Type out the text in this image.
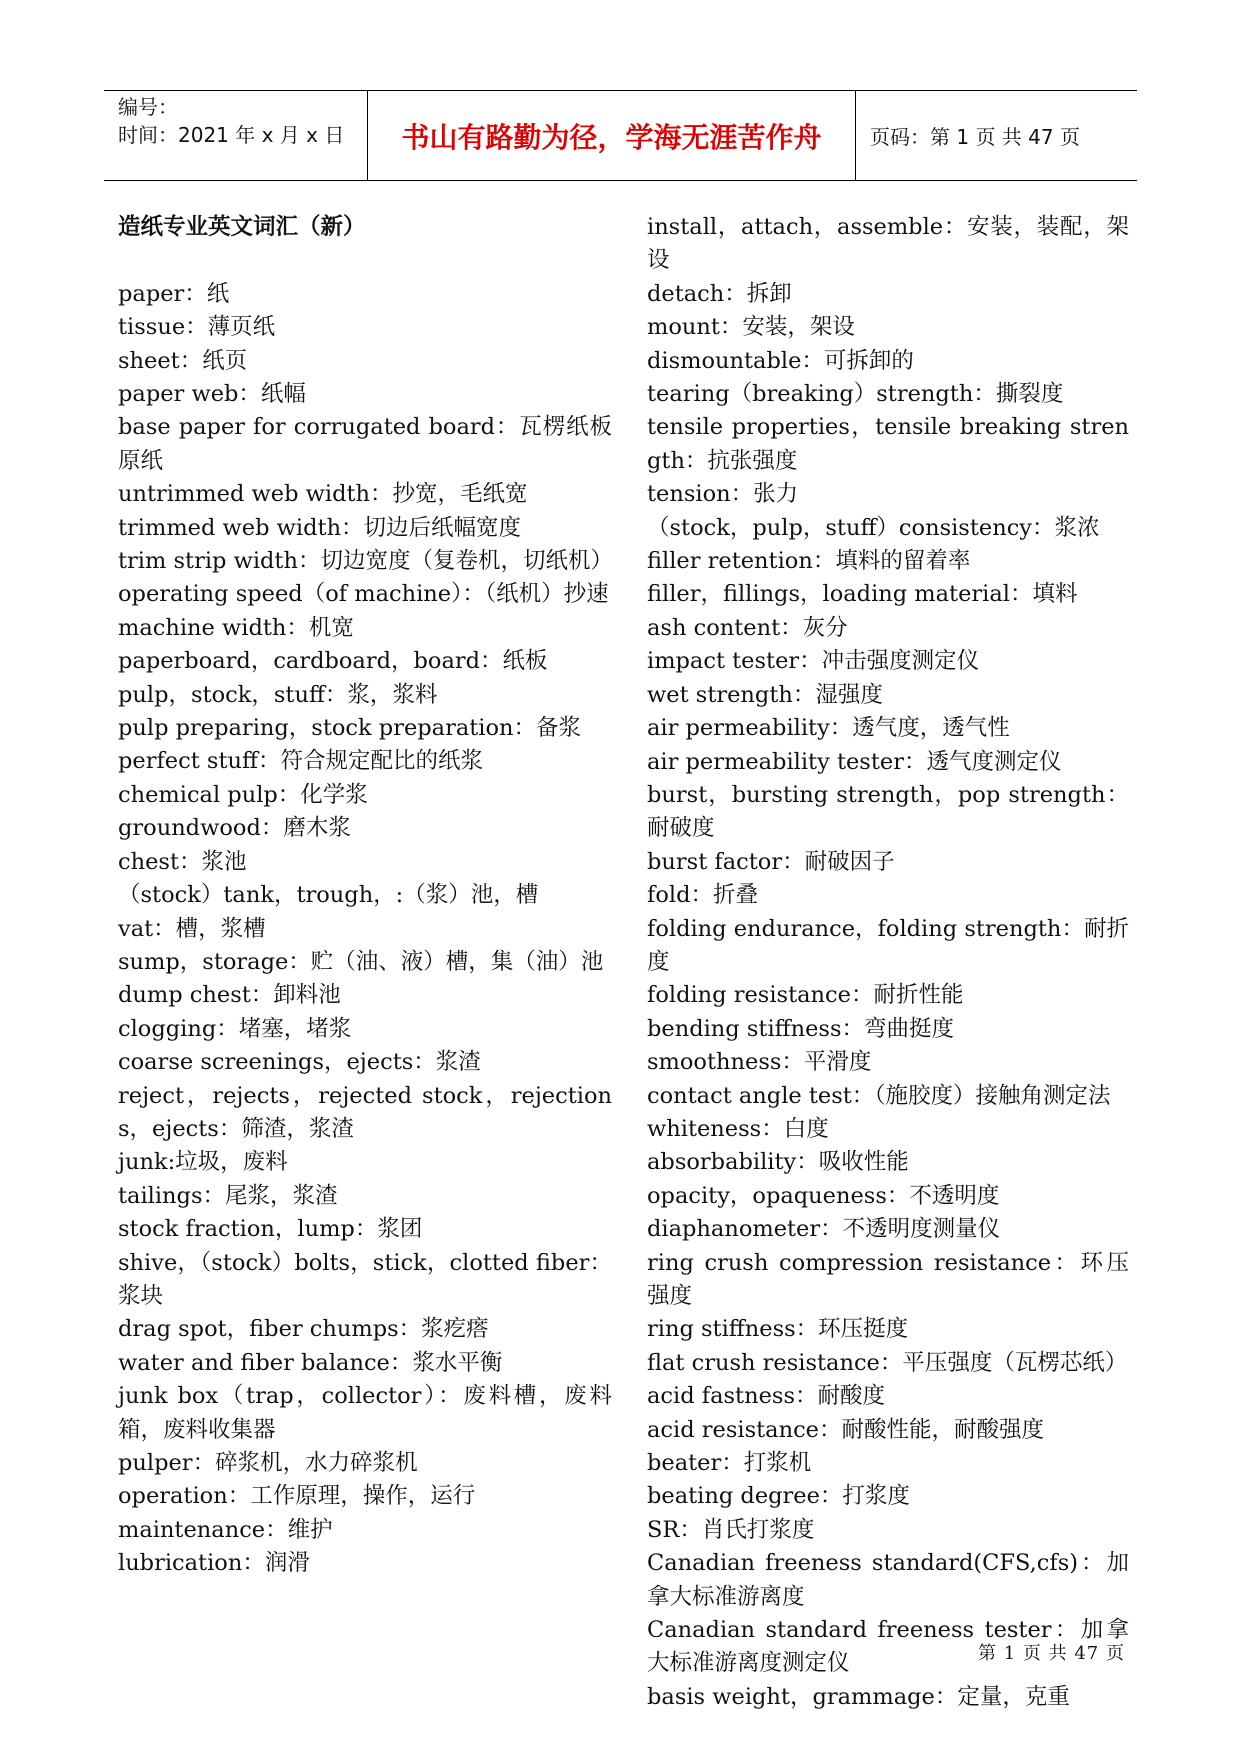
编号：
时间：2021 年 x 月 x 日	书山有路勤为径，学海无涯苦作舟 页码：第 1 页 共 47 页
造纸专业英文词汇（新）
paper：纸
tissue：薄页纸
sheet：纸页
paper web：纸幅
base paper for corrugated board：瓦楞纸板原纸
untrimmed web width：抄宽，毛纸宽
trimmed web width：切边后纸幅宽度
trim strip width：切边宽度（复卷机，切纸机）
operating speed（of machine）：（纸机）抄速
machine width：机宽
paperboard，cardboard，board：纸板
pulp，stock，stuff：浆，浆料
pulp preparing，stock preparation：备浆
perfect stuff：符合规定配比的纸浆
chemical pulp：化学浆
groundwood：磨木浆
chest：浆池
（stock）tank，trough，:（浆）池，槽
vat：槽，浆槽
sump，storage：贮（油、液）槽，集（油）池
dump chest：卸料池
clogging：堵塞，堵浆
coarse screenings，ejects：浆渣
reject，rejects，rejected stock，rejections，ejects：筛渣，浆渣
junk:垃圾，废料
tailings：尾浆，浆渣
stock fraction，lump：浆团
shive，（stock）bolts，stick，clotted fiber：浆块
drag spot，fiber chumps：浆疙瘩
water and fiber balance：浆水平衡
junk box（trap，collector）：废料槽，废料箱，废料收集器
pulper：碎浆机，水力碎浆机
operation：工作原理，操作，运行
maintenance：维护
lubrication：润滑
install，attach，assemble：安装，装配，架设
detach：拆卸
mount：安装，架设
dismountable：可拆卸的
tearing（breaking）strength：撕裂度
tensile properties，tensile breaking strength：抗张强度
tension：张力
（stock，pulp，stuff）consistency：浆浓
filler retention：填料的留着率
filler，fillings，loading material：填料
ash content：灰分
impact tester：冲击强度测定仪
wet strength：湿强度
air permeability：透气度，透气性
air permeability tester：透气度测定仪
burst，bursting strength，pop strength：耐破度
burst factor：耐破因子
fold：折叠
folding endurance，folding strength：耐折度
folding resistance：耐折性能
bending stiffness：弯曲挺度
smoothness：平滑度
contact angle test：（施胶度）接触角测定法
whiteness：白度
absorbability：吸收性能
opacity，opaqueness：不透明度
diaphanometer：不透明度测量仪
ring crush compression resistance：环压强度
ring stiffness：环压挺度
flat crush resistance：平压强度（瓦楞芯纸）
acid fastness：耐酸度
acid resistance：耐酸性能，耐酸强度
beater：打浆机
beating degree：打浆度
SR：肖氏打浆度
Canadian freeness standard(CFS,cfs)：加拿大标准游离度
Canadian standard freeness tester：加拿大标准游离度测定仪
basis weight，grammage：定量，克重
第 1 页 共 47 页
